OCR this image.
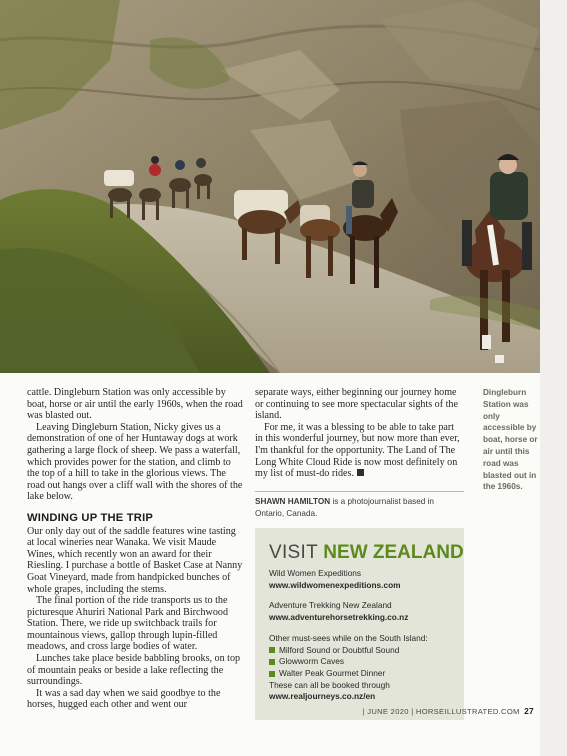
Dingleburn Station was only accessible by boat, horse or air until this road was blasted out in the 1960s.

cattle. Dingleburn Station was only accessible by boat, horse or air until the early 1960s, when the road was blasted out.

Leaving Dingleburn Station, Nicky gives us a demonstration of one of her Huntaway dogs at work gathering a large flock of sheep. We pass a waterfall, which provides power for the station, and climb to the top of a hill to take in the glorious views. The road out hangs over a cliff wall with the shores of the lake below.

WINDING UP THE TRIP

Our only day out of the saddle features wine tasting at local wineries near Wanaka. We visit Maude Wines, which recently won an award for their Riesling. I purchase a bottle of Basket Case at Nanny Goat Vineyard, made from handpicked bunches of whole grapes, including the stems.

The final portion of the ride transports us to the picturesque Ahuriri National Park and Birchwood Station. There, we ride up switchback trails for mountainous views, gallop through lupin-filled meadows, and cross large bodies of water.

Lunches take place beside babbling brooks, on top of mountain peaks or beside a lake reflecting the surroundings.

It was a sad day when we said goodbye to the horses, hugged each other and went our

separate ways, either beginning our journey home or continuing to see more spectacular sights of the island.

For me, it was a blessing to be able to take part in this wonderful journey, but now more than ever, I'm thankful for the opportunity. The Land of The Long White Cloud Ride is now most definitely on my list of must-do rides.

SHAWN HAMILTON is a photojournalist based in Ontario, Canada.
VISIT NEW ZEALAND
Wild Women Expeditions
www.wildwomenexpeditions.com
Adventure Trekking New Zealand
www.adventurehorsetrekking.co.nz
Other must-sees while on the South Island:
Milford Sound or Doubtful Sound
Glowworm Caves
Walter Peak Gourmet Dinner
These can all be booked through
www.realjourneys.co.nz/en
| JUNE 2020 | HORSEILLUSTRATED.COM 27
